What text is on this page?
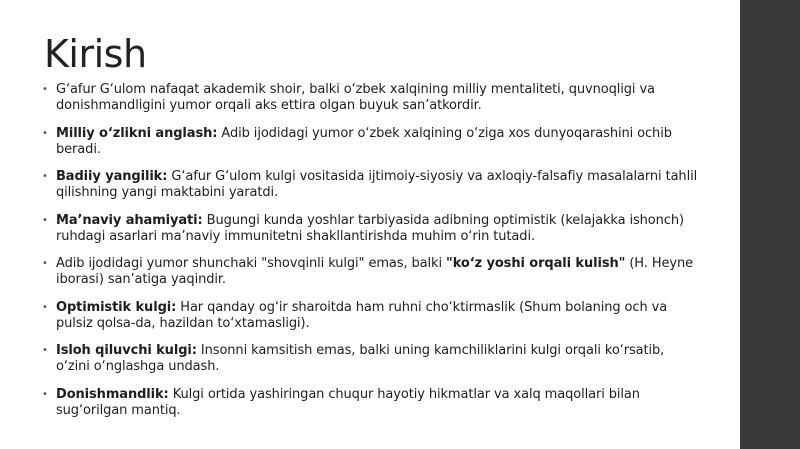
Kirish
• G‘afur G‘ulom nafaqat akademik shoir, balki o‘zbek xalqining milliy mentaliteti, quvnoqligi va donishmandligini yumor orqali aks ettira olgan buyuk san’atkordir.
• Milliy o‘zlikni anglash: Adib ijodidagi yumor o‘zbek xalqining o‘ziga xos dunyoqarashini ochib beradi.
• Badiiy yangilik: G‘afur G‘ulom kulgi vositasida ijtimoiy-siyosiy va axloqiy-falsafiy masalalarni tahlil qilishning yangi maktabini yaratdi.
• Ma’naviy ahamiyati: Bugungi kunda yoshlar tarbiyasida adibning optimistik (kelajakka ishonch) ruhdagi asarlari ma’naviy immunitetni shakllantirishda muhim o‘rin tutadi.
• Adib ijodidagi yumor shunchaki "shovqinli kulgi" emas, balki "ko‘z yoshi orqali kulish" (H. Heyne iborasi) san’atiga yaqindir.
• Optimistik kulgi: Har qanday og‘ir sharoitda ham ruhni cho‘ktirmaslik (Shum bolaning och va pulsiz qolsa-da, hazildan to‘xtamasligi).
• Isloh qiluvchi kulgi: Insonni kamsitish emas, balki uning kamchiliklarini kulgi orqali ko‘rsatib, o‘zini o‘nglashga undash.
• Donishmandlik: Kulgi ortida yashiringan chuqur hayotiy hikmatlar va xalq maqollari bilan sug‘orilgan mantiq.
